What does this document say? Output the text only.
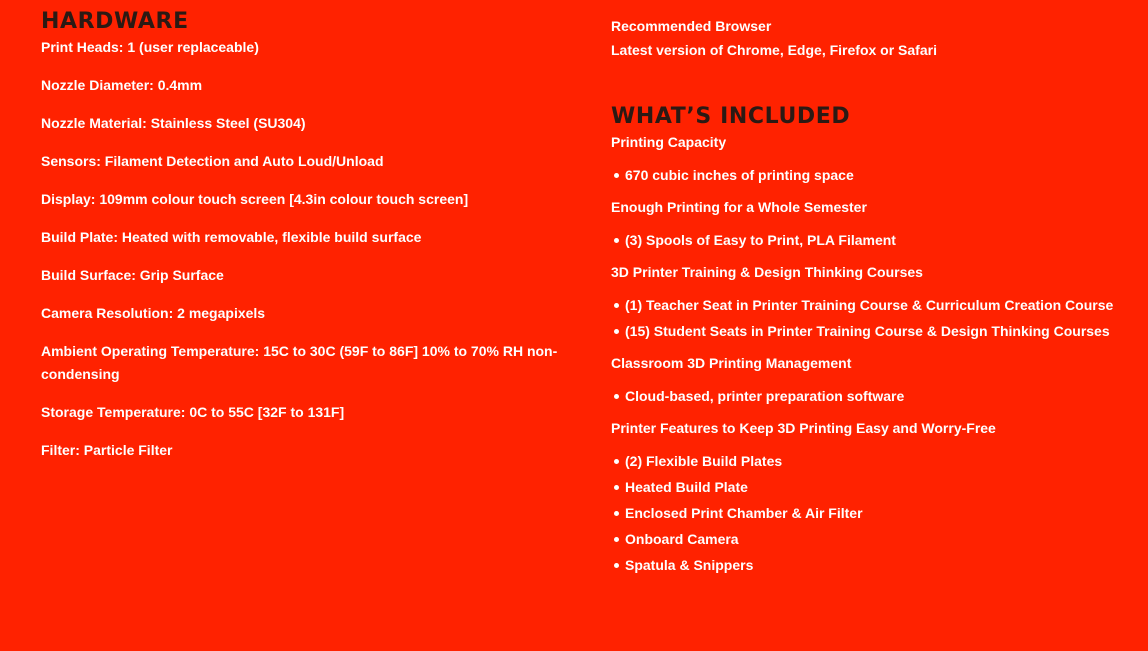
HARDWARE

Print Heads: 1 (user replaceable)

Nozzle Diameter: 0.4mm

Nozzle Material: Stainless Steel (SU304)

Sensors: Filament Detection and Auto Loud/Unload

Display: 109mm colour touch screen [4.3in colour touch screen]

Build Plate: Heated with removable, flexible build surface

Build Surface: Grip Surface

Camera Resolution: 2 megapixels

Ambient Operating Temperature: 15C to 30C (59F to 86F] 10% to 70% RH non-condensing

Storage Temperature: 0C to 55C [32F to 131F]

Filter: Particle Filter

Recommended Browser

Latest version of Chrome, Edge, Firefox or Safari

WHAT’S INCLUDED

Printing Capacity

670 cubic inches of printing space

Enough Printing for a Whole Semester

(3) Spools of Easy to Print, PLA Filament

3D Printer Training & Design Thinking Courses

(1) Teacher Seat in Printer Training Course & Curriculum Creation Course
(15) Student Seats in Printer Training Course & Design Thinking Courses

Classroom 3D Printing Management

Cloud-based, printer preparation software

Printer Features to Keep 3D Printing Easy and Worry-Free

(2) Flexible Build Plates
Heated Build Plate
Enclosed Print Chamber & Air Filter
Onboard Camera
Spatula & Snippers
